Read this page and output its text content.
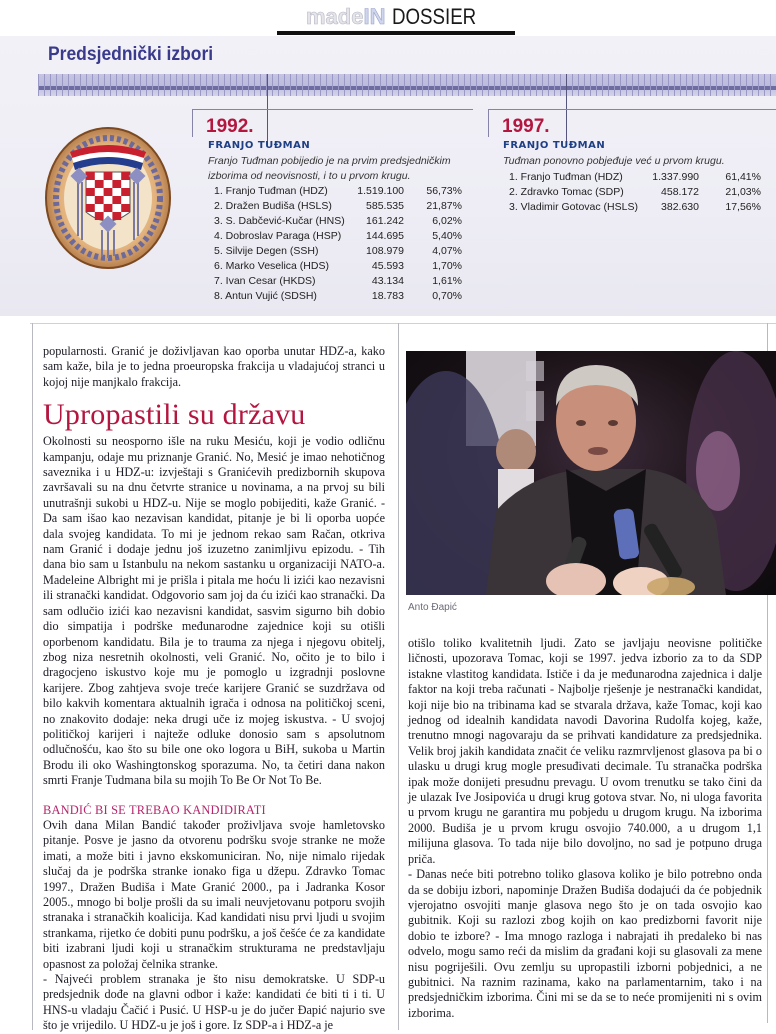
madeIN DOSSIER
Predsjednički izbori
1992.
FRANJO TUĐMAN
Franjo Tuđman pobijedio je na prvim predsjedničkim
izborima od neovisnosti, i to u prvom krugu.
1. Franjo Tuđman (HDZ)	1.519.100 56,73%
2. Dražen Budiša (HSLS)	585.535 21,87%
3. S. Dabčević-Kučar (HNS) 161.242	6,02%
4. Dobroslav Paraga (HSP) 144.695	5,40%
5. Silvije Degen (SSH)	108.979	4,07%
6. Marko Veselica (HDS)	45.593	1,70%
7. Ivan Cesar (HKDS)	43.134	1,61%
8. Antun Vujić (SDSH)	18.783	0,70%
1997.
FRANJO TUĐMAN
Tuđman ponovno pobjeđuje već u prvom krugu.
1. Franjo Tuđman (HDZ)	1.337.990	61,41%
2. Zdravko Tomac (SDP)	458.172	21,03%
3. Vladimir Gotovac (HSLS) 382.630	17,56%

popularnosti. Granić je doživljavan kao oporba unutar HDZ-a, kako sam kaže, bila je to jedna proeuropska frakcija u vladajućoj stranci u kojoj nije manjkalo frakcija.

Upropastili su državu

Okolnosti su neosporno išle na ruku Mesiću, koji je vodio odličnu kampanju, odaje mu priznanje Granić. No, Mesić je imao nehotičnog saveznika i u HDZ-u: izvještaji s Granićevih predizbornih skupova završavali su na dnu četvrte stranice u novinama, a na prvoj su bili unutrašnji sukobi u HDZ-u. Nije se moglo pobijediti, kaže Granić. - Da sam išao kao nezavisan kandidat, pitanje je bi li oporba uopće dala svojeg kandidata. To mi je jednom rekao sam Račan, otkriva nam Granić i dodaje jednu još izuzetno zanimljivu epizodu. - Tih dana bio sam u Istanbulu na nekom sastanku u organizaciji NATO-a. Madeleine Albright mi je prišla i pitala me hoću li izići kao nezavisni ili stranački kandidat. Odgovorio sam joj da ću izići kao stranački. Da sam odlučio izići kao nezavisni kandidat, sasvim sigurno bih dobio dio simpatija i podrške međunarodne zajednice koji su otišli oporbenom kandidatu. Bila je to trauma za njega i njegovu obitelj, zbog niza nesretnih okolnosti, veli Granić. No, očito je to bilo i dragocjeno iskustvo koje mu je pomoglo u izgradnji poslovne karijere. Zbog zahtjeva svoje treće karijere Granić se suzdržava od bilo kakvih komentara aktualnih igrača i odnosa na političkoj sceni, no znakovito dodaje: neka drugi uče iz mojeg iskustva. - U svojoj političkoj karijeri i najteže odluke donosio sam s apsolutnom odlučnošću, kao što su bile one oko logora u BiH, sukoba u Martin Brodu ili oko Washingtonskog sporazuma. No, ta četiri dana nakon smrti Franje Tudmana bila su mojih To Be Or Not To Be.

BANDIĆ BI SE TREBAO KANDIDIRATI

Ovih dana Milan Bandić također proživljava svoje hamletovsko pitanje. Posve je jasno da otvorenu podršku svoje stranke ne može imati, a može biti i javno ekskomuniciran. No, nije nimalo rijedak slučaj da je podrška stranke ionako figa u džepu. Zdravko Tomac 1997., Dražen Budiša i Mate Granić 2000., pa i Jadranka Kosor 2005., mnogo bi bolje prošli da su imali neuvjetovanu potporu svojih stranaka i stranačkih koalicija. Kad kandidati nisu prvi ljudi u svojim strankama, rijetko će dobiti punu podršku, a još češće će za kandidate biti izabrani ljudi koji u stranačkim strukturama ne predstavljaju opasnost za položaj čelnika stranke.

- Najveći problem stranaka je što nisu demokratske. U SDP-u predsjednik dođe na glavni odbor i kaže: kandidati će biti ti i ti. U HNS-u vladaju Čačić i Pusić. U HSP-u je do jučer Đapić najurio sve što je vrijedilo. U HDZ-u je još i gore. Iz SDP-a i HDZ-a je

Anto Đapić

otišlo toliko kvalitetnih ljudi. Zato se javljaju neovisne političke ličnosti, upozorava Tomac, koji se 1997. jedva izborio za to da SDP istakne vlastitog kandidata. Ističe i da je međunarodna zajednica i dalje faktor na koji treba računati - Najbolje rješenje je nestranački kandidat, koji nije bio na tribinama kad se stvarala država, kaže Tomac, koji kao jednog od idealnih kandidata navodi Davorina Rudolfa kojeg, kaže, trenutno mnogi nagovaraju da se prihvati kandidature za predsjednika. Velik broj jakih kandidata značit će veliku razmrvljenost glasova pa bi o ulasku u drugi krug mogle presuđivati decimale. Tu stranačka podrška ipak može donijeti presudnu prevagu. U ovom trenutku se tako čini da je ulazak Ive Josipovića u drugi krug gotova stvar. No, ni uloga favorita u prvom krugu ne garantira mu pobjedu u drugom krugu. Na izborima 2000. Budiša je u prvom krugu osvojio 740.000, a u drugom 1,1 milijuna glasova. To tada nije bilo dovoljno, no sad je potpuno druga priča.

- Danas neće biti potrebno toliko glasova koliko je bilo potrebno onda da se dobiju izbori, napominje Dražen Budiša dodajući da će pobjednik vjerojatno osvojiti manje glasova nego što je on tada osvojio kao gubitnik. Koji su razlozi zbog kojih on kao predizborni favorit nije dobio te izbore? - Ima mnogo razloga i nabrajati ih predaleko bi nas odvelo, mogu samo reći da mislim da građani koji su glasovali za mene nisu pogriješili. Ovu zemlju su upropastili izborni pobjednici, a ne gubitnici. Na raznim razinama, kako na parlamentarnim, tako i na predsjedničkim izborima. Čini mi se da se to neće promijeniti ni s ovim izborima.
